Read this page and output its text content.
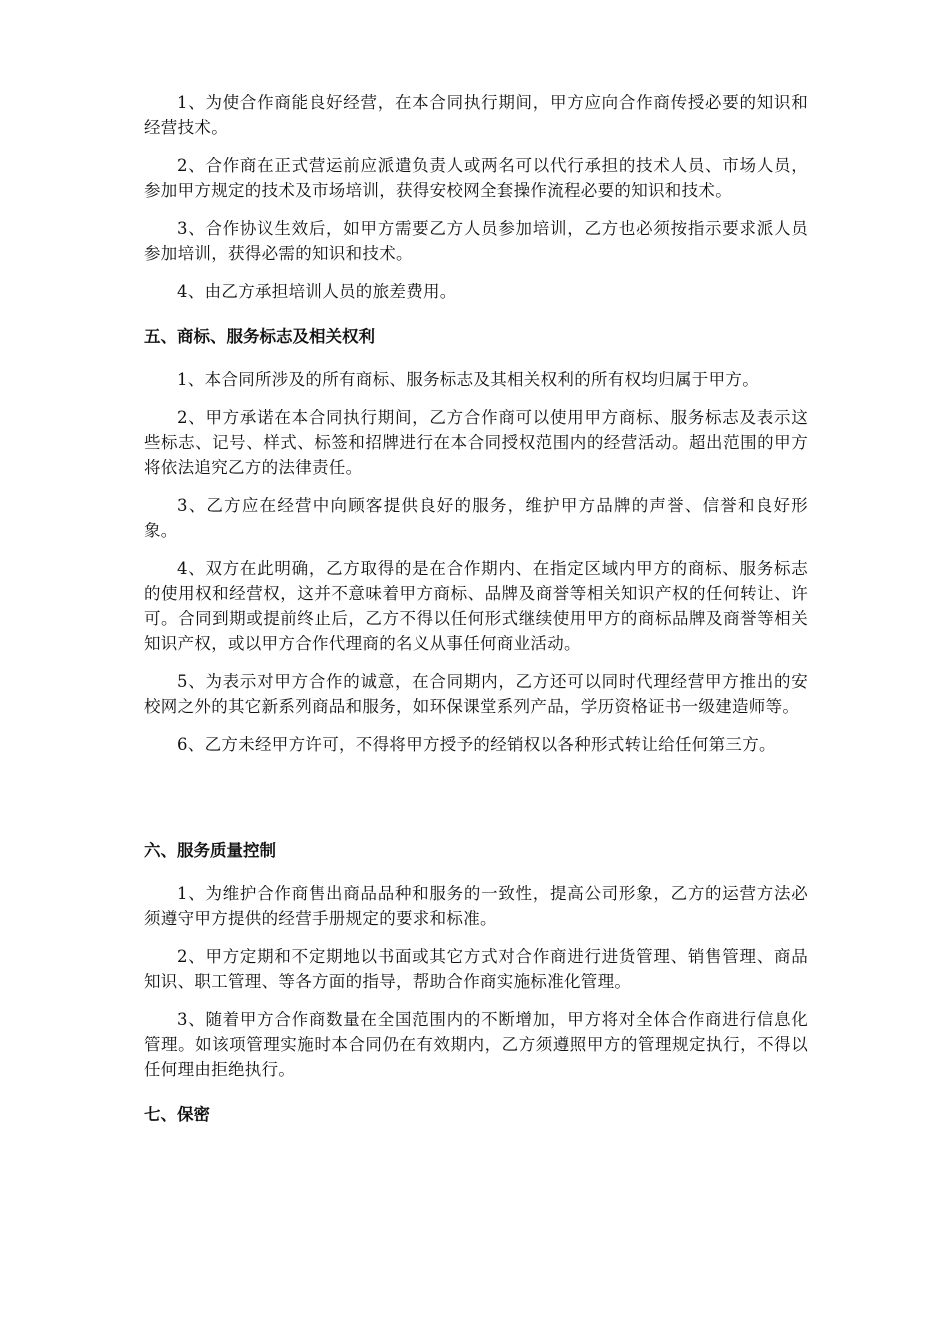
1、为使合作商能良好经营，在本合同执行期间，甲方应向合作商传授必要的知识和经营技术。

2、合作商在正式营运前应派遣负责人或两名可以代行承担的技术人员、市场人员，参加甲方规定的技术及市场培训，获得安校网全套操作流程必要的知识和技术。

3、合作协议生效后，如甲方需要乙方人员参加培训，乙方也必须按指示要求派人员参加培训，获得必需的知识和技术。

4、由乙方承担培训人员的旅差费用。

五、商标、服务标志及相关权利

1、本合同所涉及的所有商标、服务标志及其相关权利的所有权均归属于甲方。

2、甲方承诺在本合同执行期间，乙方合作商可以使用甲方商标、服务标志及表示这些标志、记号、样式、标签和招牌进行在本合同授权范围内的经营活动。超出范围的甲方将依法追究乙方的法律责任。

3、乙方应在经营中向顾客提供良好的服务，维护甲方品牌的声誉、信誉和良好形象。

4、双方在此明确，乙方取得的是在合作期内、在指定区域内甲方的商标、服务标志的使用权和经营权，这并不意味着甲方商标、品牌及商誉等相关知识产权的任何转让、许可。合同到期或提前终止后，乙方不得以任何形式继续使用甲方的商标品牌及商誉等相关知识产权，或以甲方合作代理商的名义从事任何商业活动。

5、为表示对甲方合作的诚意，在合同期内，乙方还可以同时代理经营甲方推出的安校网之外的其它新系列商品和服务，如环保课堂系列产品，学历资格证书一级建造师等。

6、乙方未经甲方许可，不得将甲方授予的经销权以各种形式转让给任何第三方。

六、服务质量控制

1、为维护合作商售出商品品种和服务的一致性，提高公司形象，乙方的运营方法必须遵守甲方提供的经营手册规定的要求和标准。

2、甲方定期和不定期地以书面或其它方式对合作商进行进货管理、销售管理、商品知识、职工管理、等各方面的指导，帮助合作商实施标准化管理。

3、随着甲方合作商数量在全国范围内的不断增加，甲方将对全体合作商进行信息化管理。如该项管理实施时本合同仍在有效期内，乙方须遵照甲方的管理规定执行，不得以任何理由拒绝执行。

七、保密
